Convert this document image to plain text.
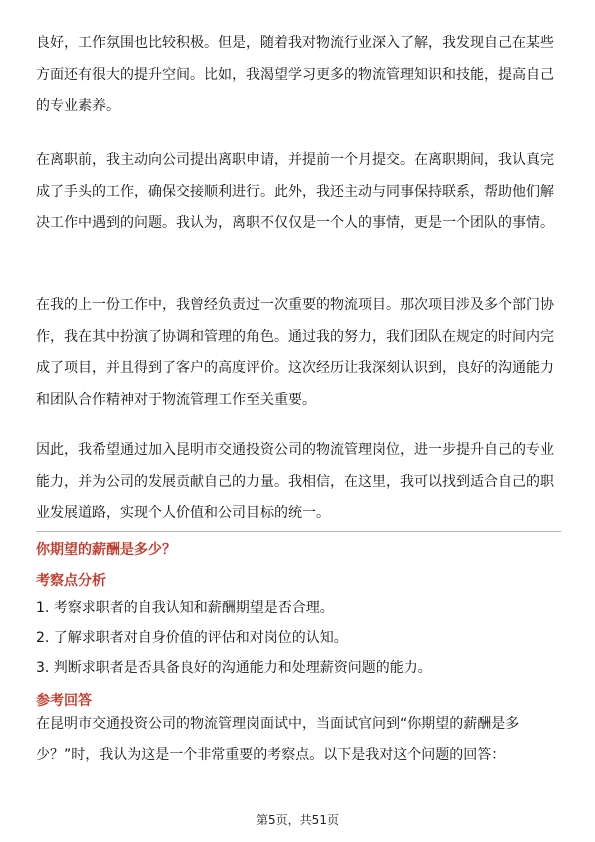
良好，工作氛围也比较积极。但是，随着我对物流行业深入了解，我发现自己在某些方面还有很大的提升空间。比如，我渴望学习更多的物流管理知识和技能，提高自己的专业素养。

在离职前，我主动向公司提出离职申请，并提前一个月提交。在离职期间，我认真完成了手头的工作，确保交接顺利进行。此外，我还主动与同事保持联系，帮助他们解决工作中遇到的问题。我认为，离职不仅仅是一个人的事情，更是一个团队的事情。

在我的上一份工作中，我曾经负责过一次重要的物流项目。那次项目涉及多个部门协作，我在其中扮演了协调和管理的角色。通过我的努力，我们团队在规定的时间内完成了项目，并且得到了客户的高度评价。这次经历让我深刻认识到，良好的沟通能力和团队合作精神对于物流管理工作至关重要。

因此，我希望通过加入昆明市交通投资公司的物流管理岗位，进一步提升自己的专业能力，并为公司的发展贡献自己的力量。我相信，在这里，我可以找到适合自己的职业发展道路，实现个人价值和公司目标的统一。

你期望的薪酬是多少？
考察点分析
1. 考察求职者的自我认知和薪酬期望是否合理。
2. 了解求职者对自身价值的评估和对岗位的认知。
3. 判断求职者是否具备良好的沟通能力和处理薪资问题的能力。
参考回答

在昆明市交通投资公司的物流管理岗面试中，当面试官问到“你期望的薪酬是多少？”时，我认为这是一个非常重要的考察点。以下是我对这个问题的回答：

第5页，共51页
